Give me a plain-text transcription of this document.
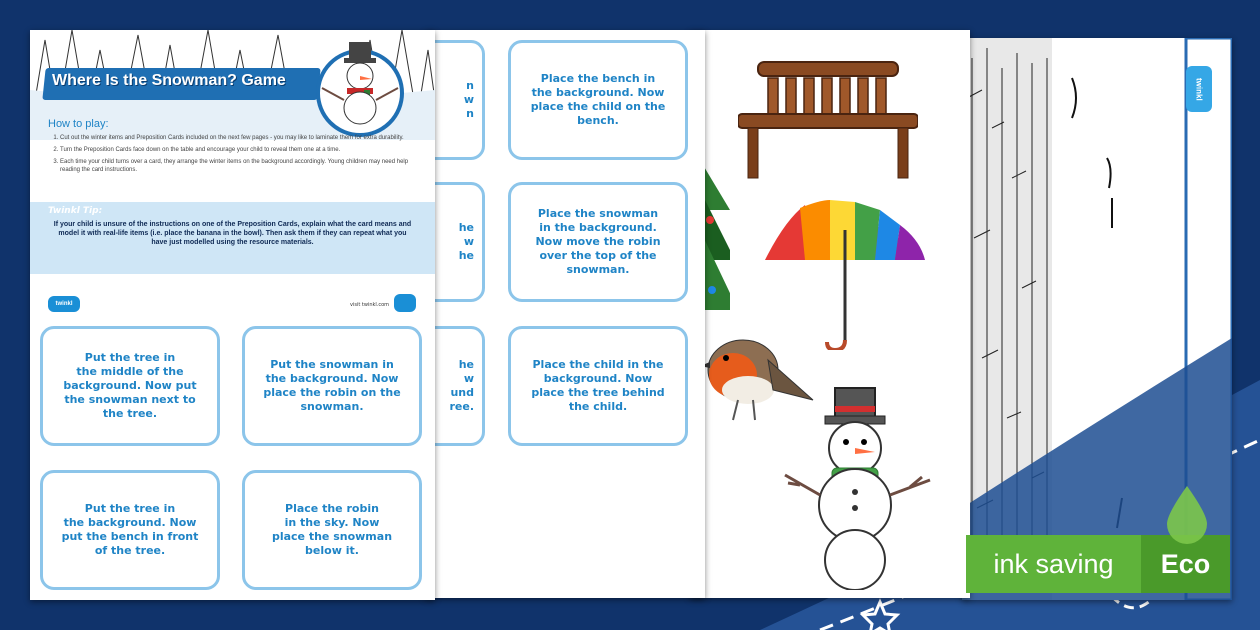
twinkl
n
w
n
he
w
he
he
w
und
ree.
Place the bench in
the background. Now
place the child on the
bench.
Place the snowman
in the background.
Now move the robin
over the top of the
snowman.
Place the child in the
background. Now
place the tree behind
the child.
Where Is the Snowman? Game
How to play:
1. Cut out the winter items and Preposition Cards included on the next few pages - you may like to laminate them for extra durability.
2. Turn the Preposition Cards face down on the table and encourage your child to reveal them one at a time.
3. Each time your child turns over a card, they arrange the winter items on the background accordingly. Young children may need help reading the card instructions.
Twinkl Tip:
If your child is unsure of the instructions on one of the Preposition Cards, explain what the card means and model it with real-life items (i.e. place the banana in the bowl). Then ask them if they can repeat what you have just modelled using the resource materials.
twinkl	visit twinkl.com
Put the tree in
the middle of the
background. Now put
the snowman next to
the tree.
Put the snowman in
the background. Now
place the robin on the
snowman.
Put the tree in
the background. Now
put the bench in front
of the tree.
Place the robin
in the sky. Now
place the snowman
below it.	ink saving	Eco
